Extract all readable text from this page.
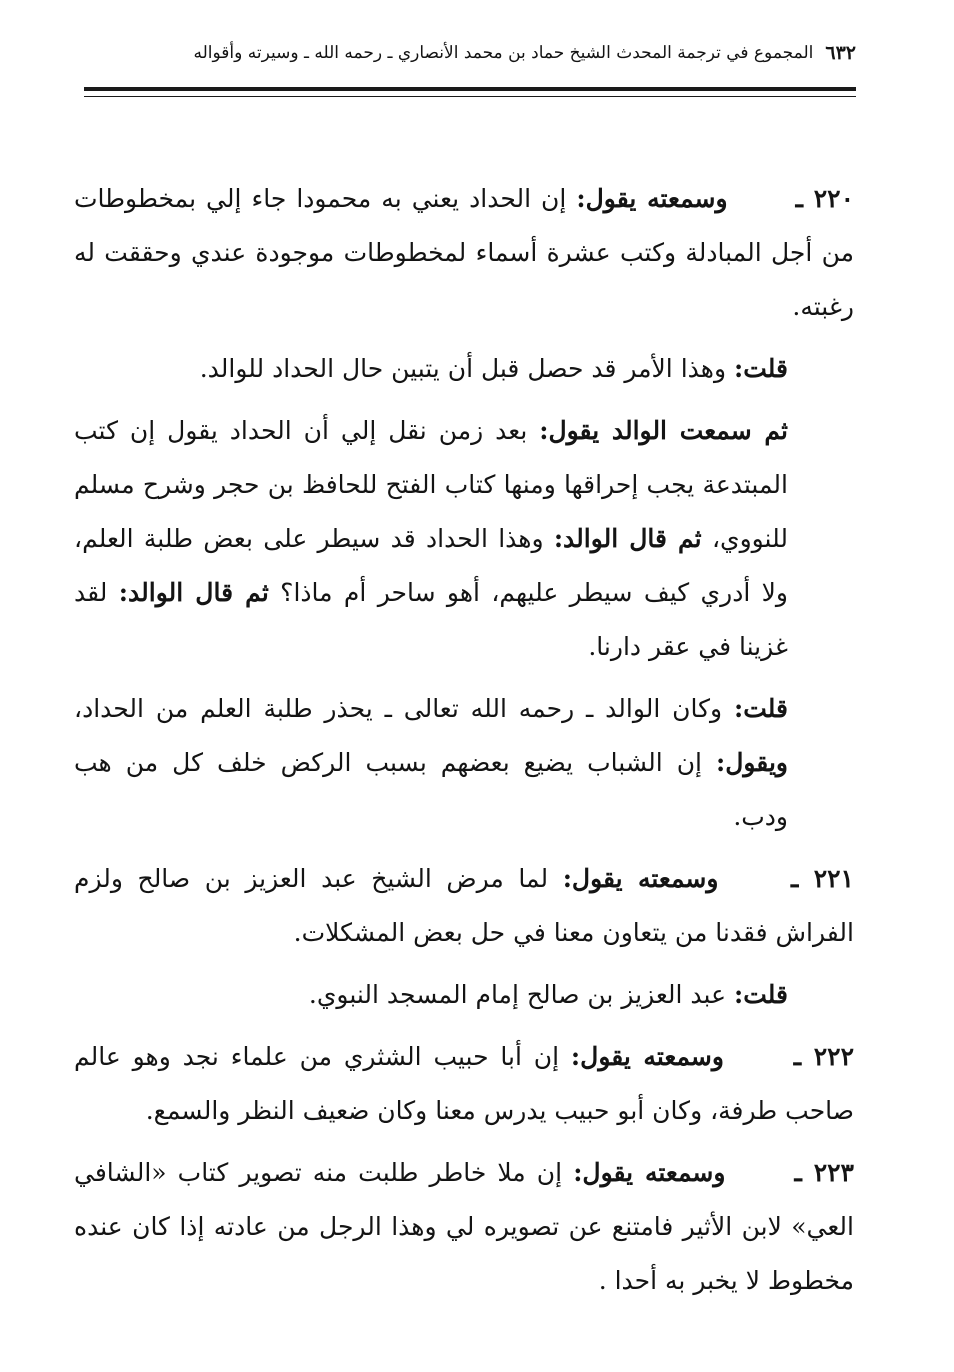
٦٣٢
المجموع في ترجمة المحدث الشيخ حماد بن محمد الأنصاري ـ رحمه الله ـ وسيرته وأقواله

٢٢٠ ـ وسمعته يقول: إن الحداد يعني به محمودا جاء إلي بمخطوطات من أجل المبادلة وكتب عشرة أسماء لمخطوطات موجودة عندي وحققت له رغبته.

قلت: وهذا الأمر قد حصل قبل أن يتبين حال الحداد للوالد.

ثم سمعت الوالد يقول: بعد زمن نقل إلي أن الحداد يقول إن كتب المبتدعة يجب إحراقها ومنها كتاب الفتح للحافظ بن حجر وشرح مسلم للنووي، ثم قال الوالد: وهذا الحداد قد سيطر على بعض طلبة العلم، ولا أدري كيف سيطر عليهم، أهو ساحر أم ماذا؟ ثم قال الوالد: لقد غزينا في عقر دارنا.

قلت: وكان الوالد ـ رحمه الله تعالى ـ يحذر طلبة العلم من الحداد، ويقول: إن الشباب يضيع بعضهم بسبب الركض خلف كل من هب ودب.

٢٢١ ـ وسمعته يقول: لما مرض الشيخ عبد العزيز بن صالح ولزم الفراش فقدنا من يتعاون معنا في حل بعض المشكلات.

قلت: عبد العزيز بن صالح إمام المسجد النبوي.

٢٢٢ ـ وسمعته يقول: إن أبا حبيب الشثري من علماء نجد وهو عالم صاحب طرفة، وكان أبو حبيب يدرس معنا وكان ضعيف النظر والسمع.

٢٢٣ ـ وسمعته يقول: إن ملا خاطر طلبت منه تصوير كتاب «الشافي العي» لابن الأثير فامتنع عن تصويره لي وهذا الرجل من عادته إذا كان عنده مخطوط لا يخبر به أحدا .
